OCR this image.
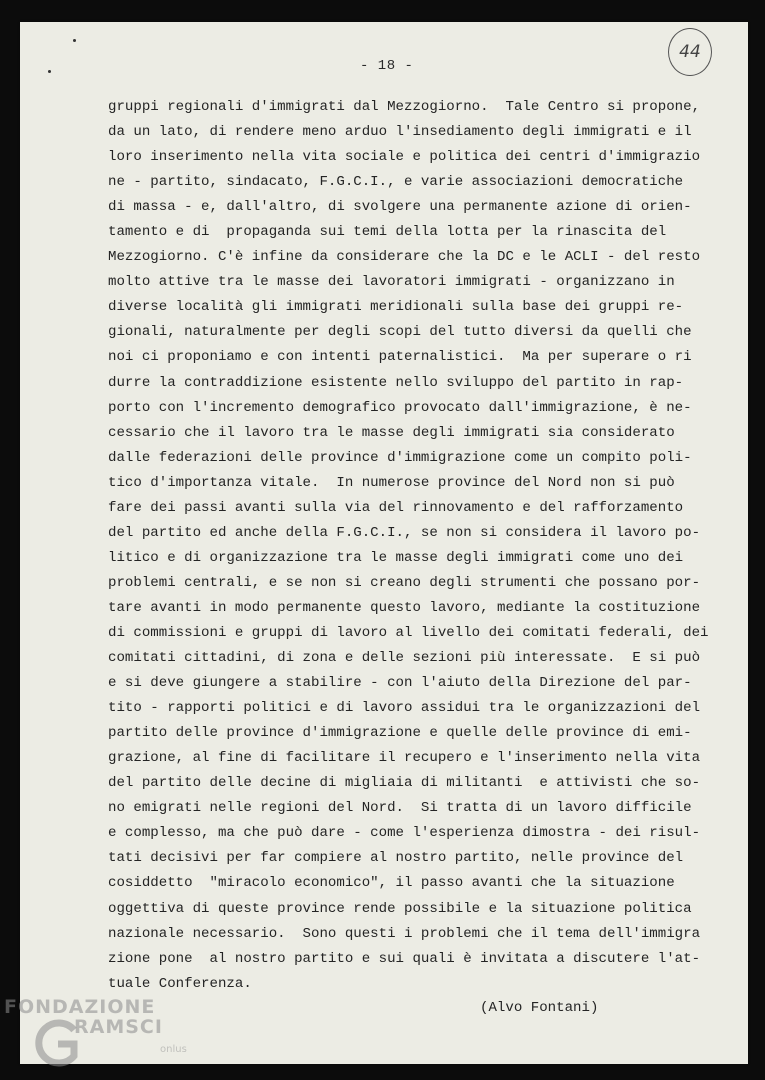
- 18 -
44
gruppi regionali d'immigrati dal Mezzogiorno.  Tale Centro si propone,
da un lato, di rendere meno arduo l'insediamento degli immigrati e il
loro inserimento nella vita sociale e politica dei centri d'immigrazio
ne - partito, sindacato, F.G.C.I., e varie associazioni democratiche
di massa - e, dall'altro, di svolgere una permanente azione di orien-
tamento e di  propaganda sui temi della lotta per la rinascita del
Mezzogiorno. C'è infine da considerare che la DC e le ACLI - del resto
molto attive tra le masse dei lavoratori immigrati - organizzano in
diverse località gli immigrati meridionali sulla base dei gruppi re-
gionali, naturalmente per degli scopi del tutto diversi da quelli che
noi ci proponiamo e con intenti paternalistici.  Ma per superare o ri
durre la contraddizione esistente nello sviluppo del partito in rap-
porto con l'incremento demografico provocato dall'immigrazione, è ne-
cessario che il lavoro tra le masse degli immigrati sia considerato
dalle federazioni delle province d'immigrazione come un compito poli-
tico d'importanza vitale.  In numerose province del Nord non si può
fare dei passi avanti sulla via del rinnovamento e del rafforzamento
del partito ed anche della F.G.C.I., se non si considera il lavoro po-
litico e di organizzazione tra le masse degli immigrati come uno dei
problemi centrali, e se non si creano degli strumenti che possano por-
tare avanti in modo permanente questo lavoro, mediante la costituzione
di commissioni e gruppi di lavoro al livello dei comitati federali, dei
comitati cittadini, di zona e delle sezioni più interessate.  E si può
e si deve giungere a stabilire - con l'aiuto della Direzione del par-
tito - rapporti politici e di lavoro assidui tra le organizzazioni del
partito delle province d'immigrazione e quelle delle province di emi-
grazione, al fine di facilitare il recupero e l'inserimento nella vita
del partito delle decine di migliaia di militanti  e attivisti che so-
no emigrati nelle regioni del Nord.  Si tratta di un lavoro difficile
e complesso, ma che può dare - come l'esperienza dimostra - dei risul-
tati decisivi per far compiere al nostro partito, nelle province del
cosiddetto  "miracolo economico", il passo avanti che la situazione
oggettiva di queste province rende possibile e la situazione politica
nazionale necessario.  Sono questi i problemi che il tema dell'immigra
zione pone  al nostro partito e sui quali è invitata a discutere l'at-
tuale Conferenza.
(Alvo Fontani)
FONDAZIONE
RAMSCI
onlus
